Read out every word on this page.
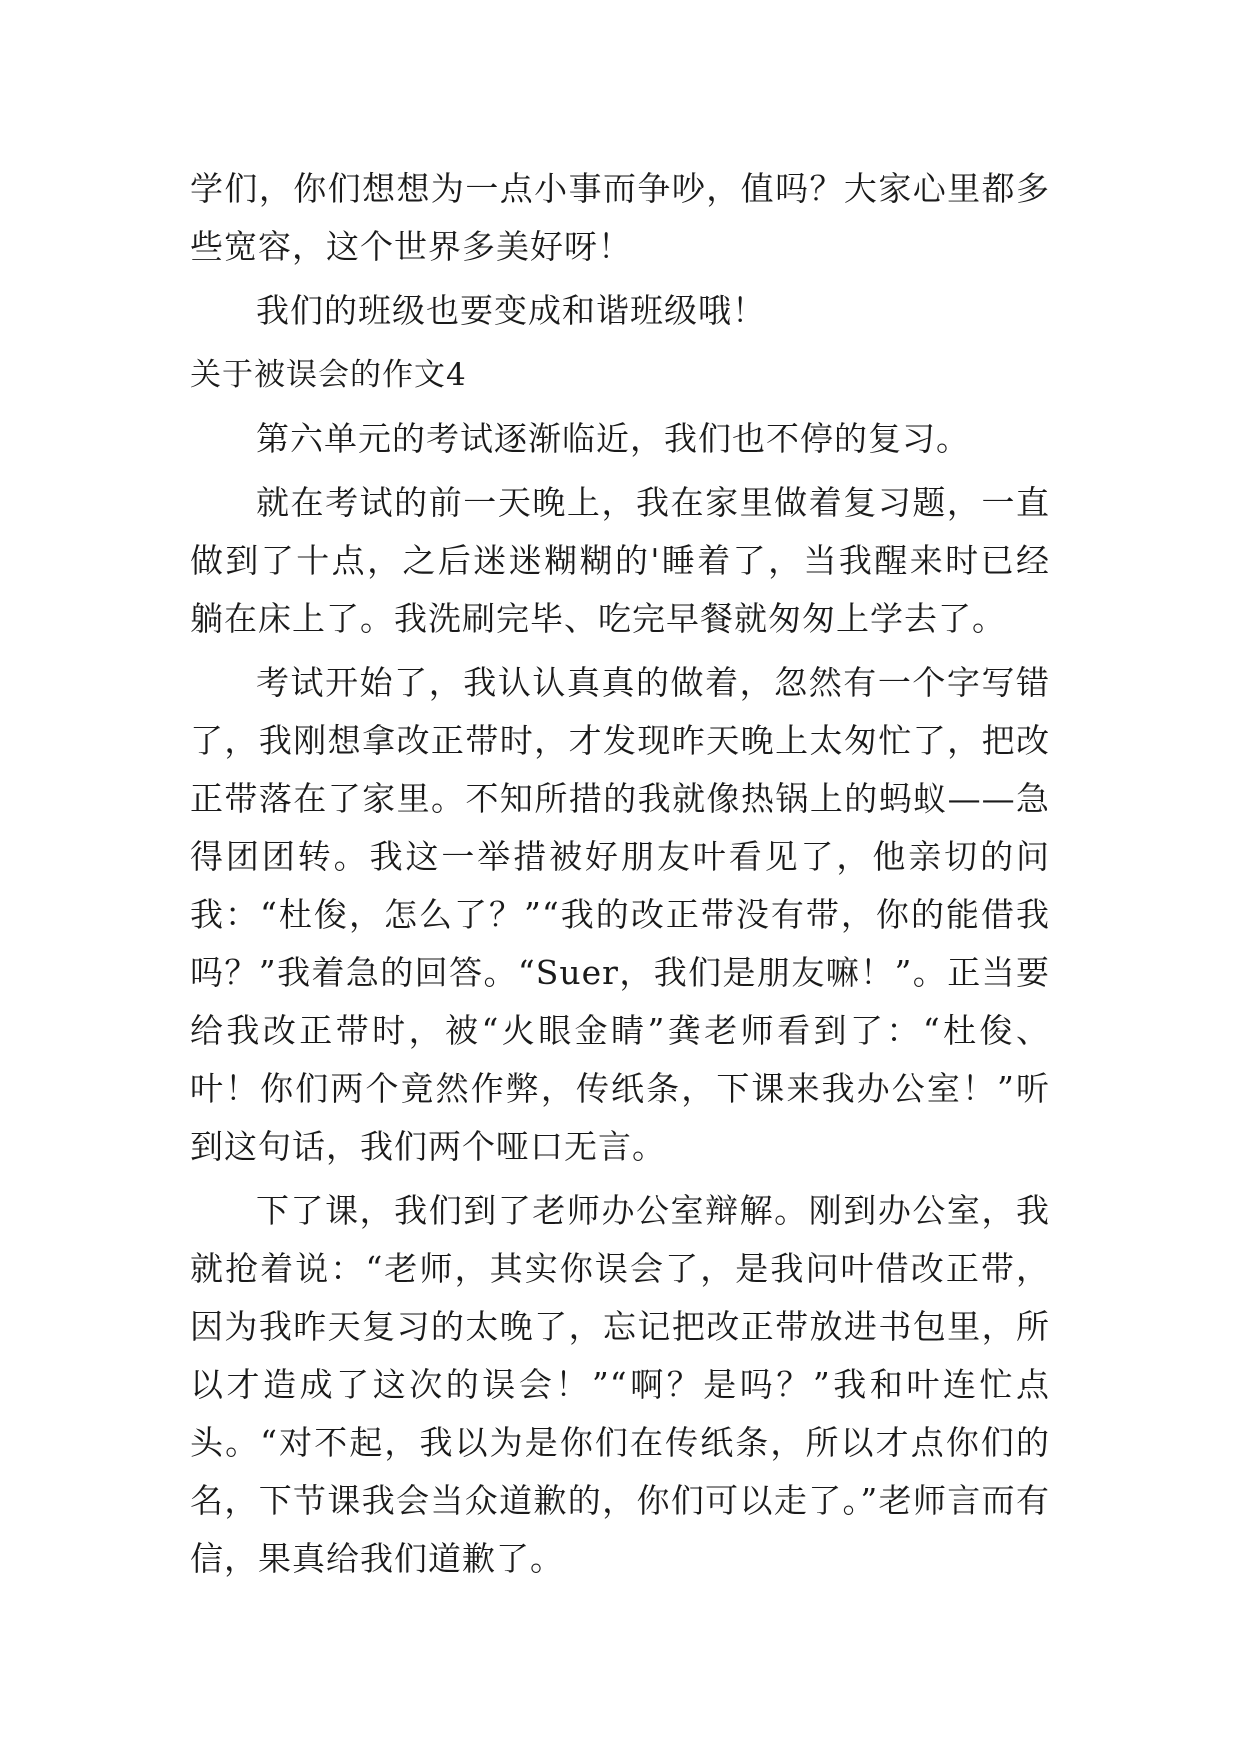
学们，你们想想为一点小事而争吵，值吗？大家心里都多些宽容，这个世界多美好呀！

我们的班级也要变成和谐班级哦！

关于被误会的作文4

第六单元的考试逐渐临近，我们也不停的复习。

就在考试的前一天晚上，我在家里做着复习题，一直做到了十点，之后迷迷糊糊的'睡着了，当我醒来时已经躺在床上了。我洗刷完毕、吃完早餐就匆匆上学去了。

考试开始了，我认认真真的做着，忽然有一个字写错了，我刚想拿改正带时，才发现昨天晚上太匆忙了，把改正带落在了家里。不知所措的我就像热锅上的蚂蚁——急得团团转。我这一举措被好朋友叶看见了，他亲切的问我：“杜俊，怎么了？”“我的改正带没有带，你的能借我吗？”我着急的回答。“Suer，我们是朋友嘛！”。正当要给我改正带时，被“火眼金睛”龚老师看到了：“杜俊、叶！你们两个竟然作弊，传纸条，下课来我办公室！”听到这句话，我们两个哑口无言。

下了课，我们到了老师办公室辩解。刚到办公室，我就抢着说：“老师，其实你误会了，是我问叶借改正带，因为我昨天复习的太晚了，忘记把改正带放进书包里，所以才造成了这次的误会！”“啊？是吗？”我和叶连忙点头。“对不起，我以为是你们在传纸条，所以才点你们的名，下节课我会当众道歉的，你们可以走了。”老师言而有信，果真给我们道歉了。
